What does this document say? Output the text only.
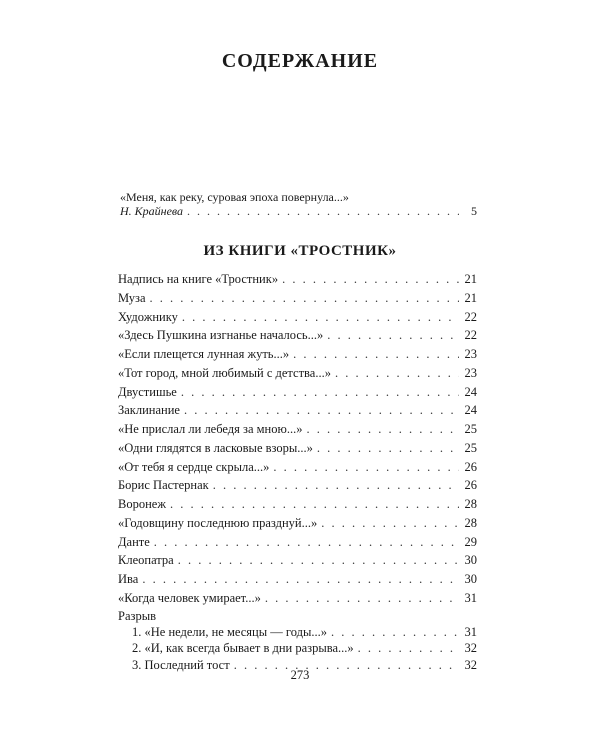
СОДЕРЖАНИЕ
«Меня, как реку, суровая эпоха повернула...»
Н. Крайнева . . .	5
ИЗ КНИГИ «ТРОСТНИК»
Надпись на книге «Тростник» . . .	21
Муза . . .	21
Художнику . . .	22
«Здесь Пушкина изгнанье началось...» . . .	22
«Если плещется лунная жуть...» . . .	23
«Тот город, мной любимый с детства...» . . .	23
Двустишье . . .	24
Заклинание . . .	24
«Не прислал ли лебедя за мною...» . . .	25
«Одни глядятся в ласковые взоры...» . . .	25
«От тебя я сердце скрыла...» . . .	26
Борис Пастернак . . .	26
Воронеж . . .	28
«Годовщину последнюю празднуй...» . . .	28
Данте . . .	29
Клеопатра . . .	30
Ива . . .	30
«Когда человек умирает...» . . .	31
Разрыв
1. «Не недели, не месяцы — годы...» . . .	31
2. «И, как всегда бывает в дни разрыва...» . . .	32
3. Последний тост . . .	32
273
